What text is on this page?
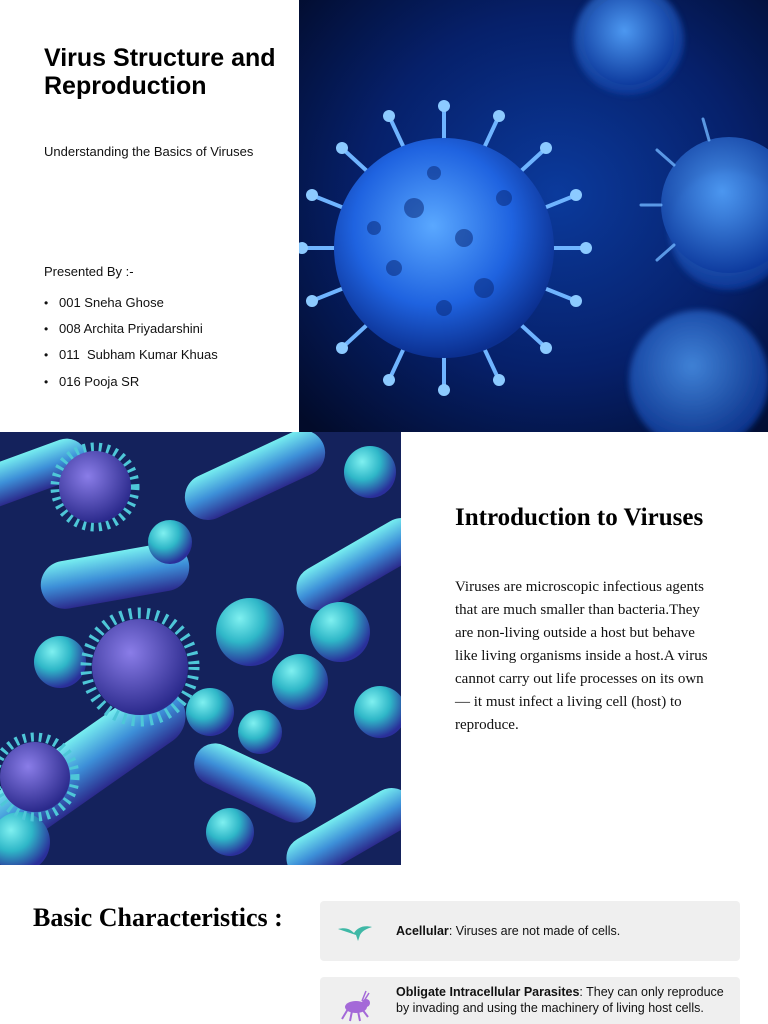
Virus Structure and Reproduction

Understanding the Basics of Viruses

Presented By :-

• 001 Sneha Ghose
• 008 Archita Priyadarshini
• 011  Subham Kumar Khuas
• 016 Pooja SR
Introduction to Viruses

Viruses are microscopic infectious agents that are much smaller than bacteria.They are non-living outside a host but behave like living organisms inside a host.A virus cannot carry out life processes on its own — it must infect a living cell (host) to reproduce.

Basic Characteristics :	Acellular: Viruses are not made of cells.

Obligate Intracellular Parasites: They can only reproduce by invading and using the machinery of living host cells.
